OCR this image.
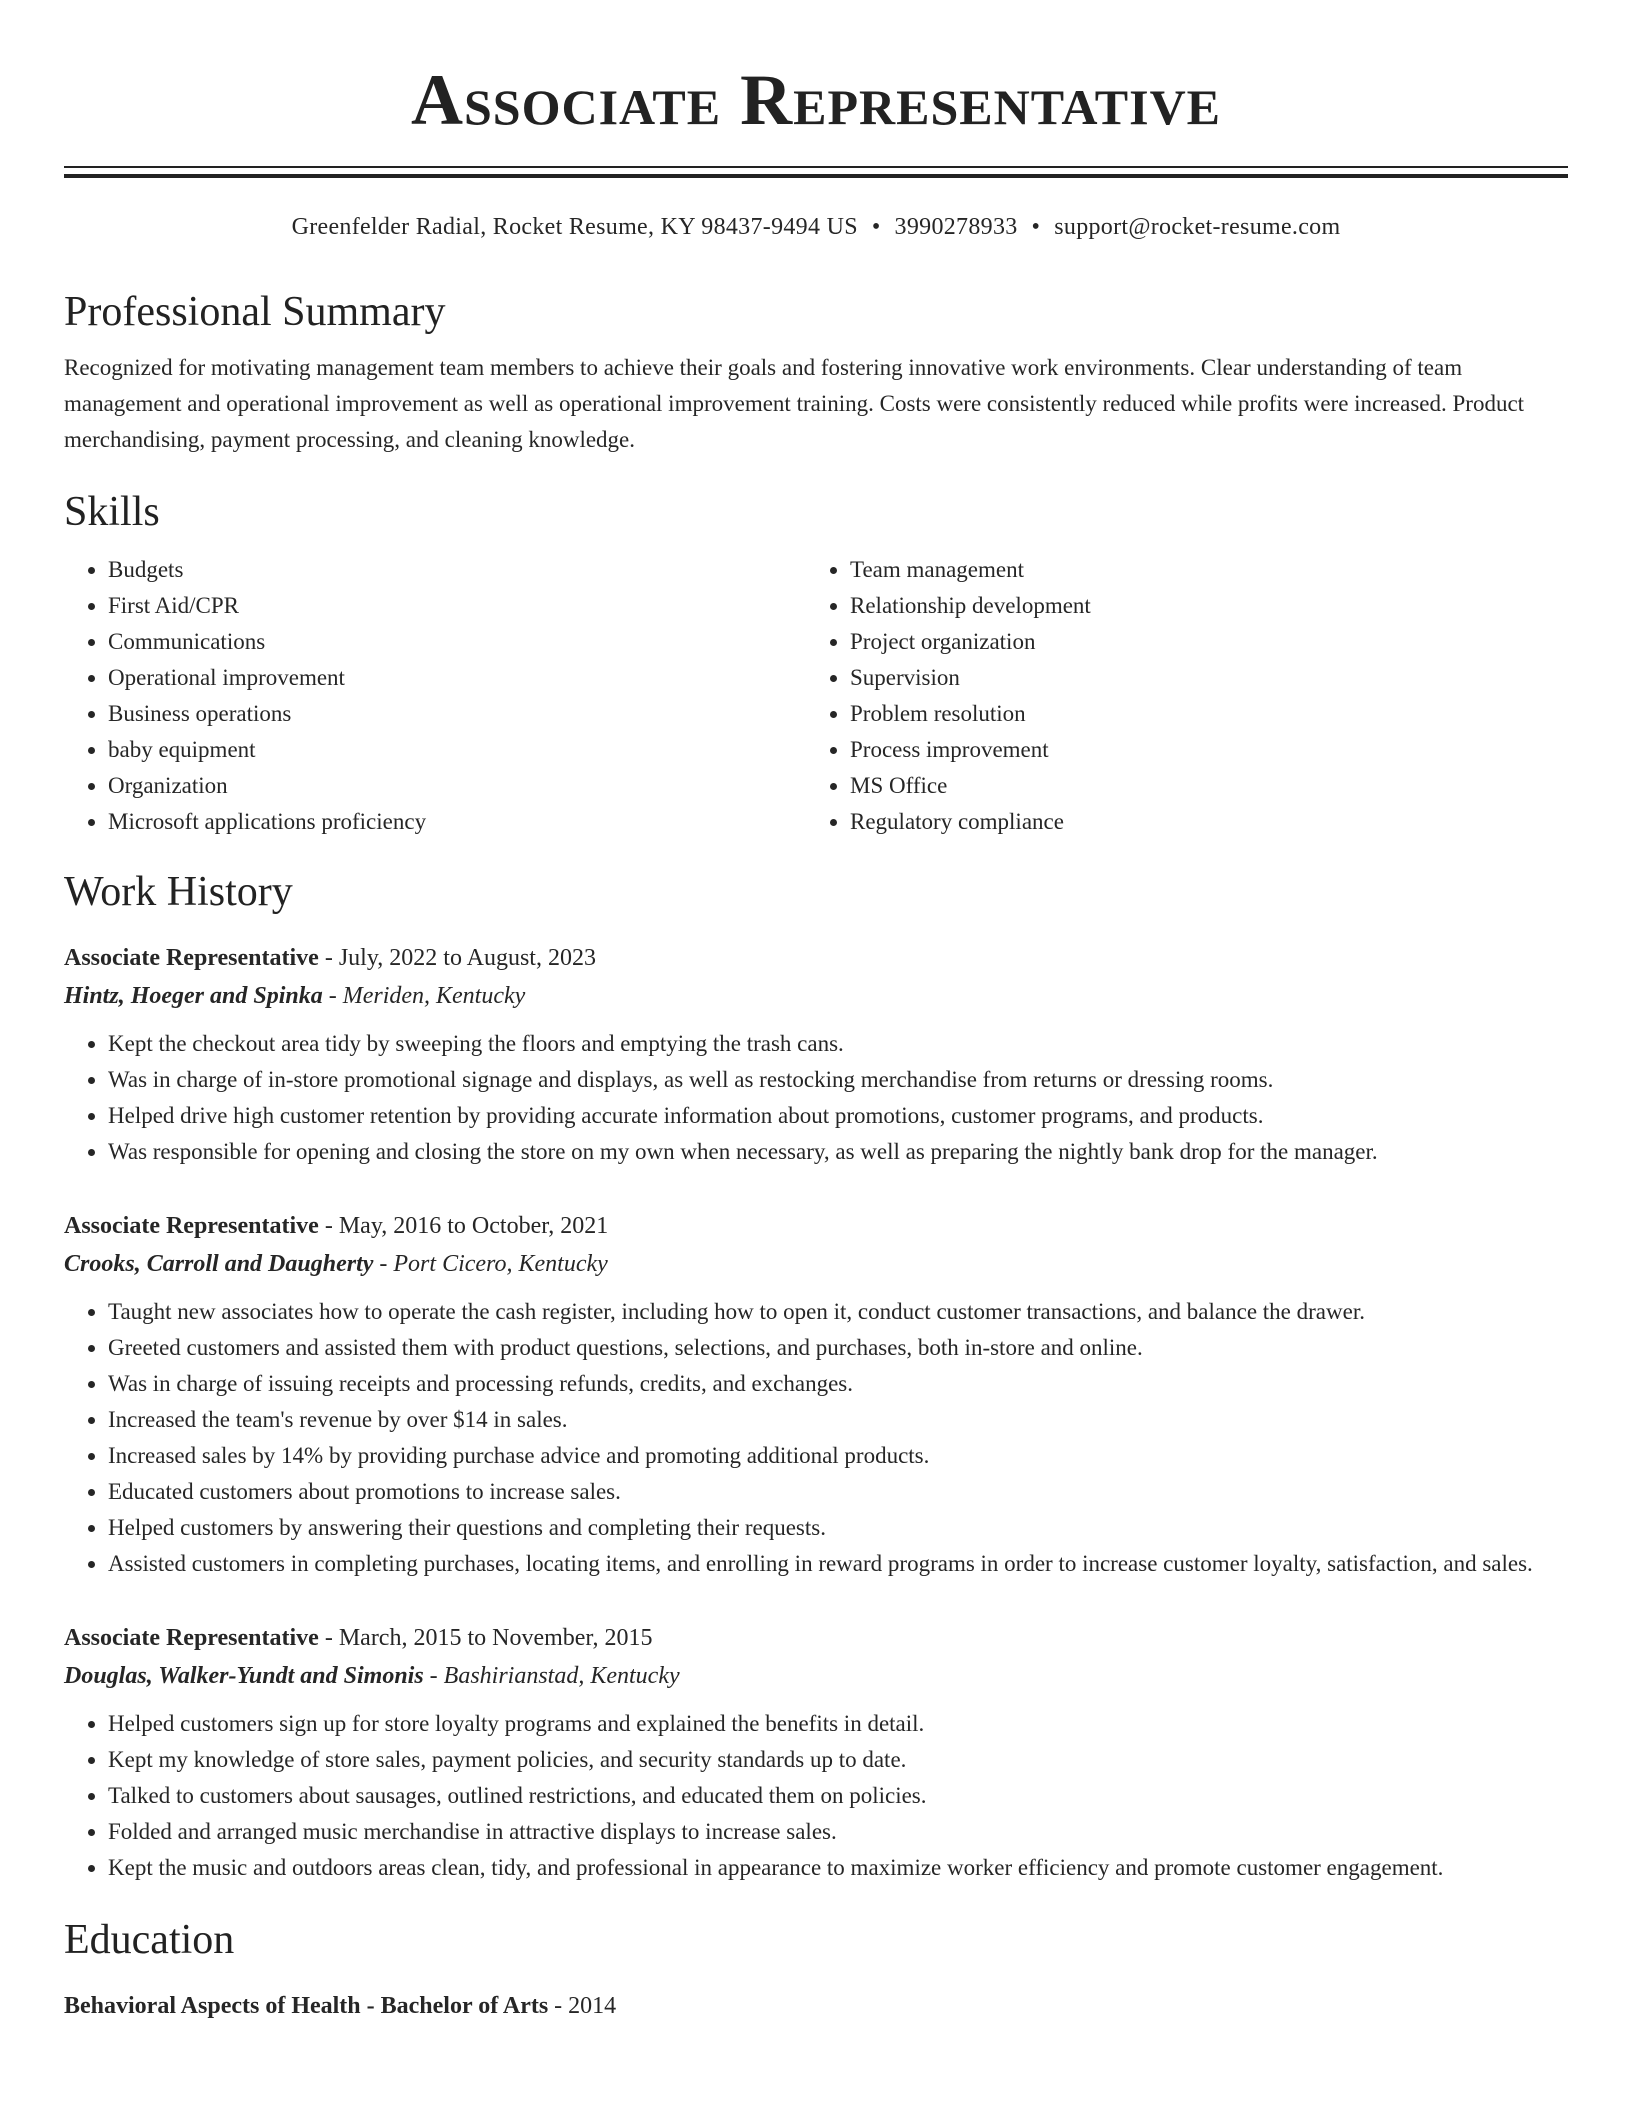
Associate Representative
Greenfelder Radial, Rocket Resume, KY 98437-9494 US • 3990278933 • support@rocket-resume.com
Professional Summary

Recognized for motivating management team members to achieve their goals and fostering innovative work environments. Clear understanding of team management and operational improvement as well as operational improvement training. Costs were consistently reduced while profits were increased. Product merchandising, payment processing, and cleaning knowledge.

Skills
• Budgets
• First Aid/CPR
• Communications
• Operational improvement
• Business operations
• baby equipment
• Organization
• Microsoft applications proficiency
• Team management
• Relationship development
• Project organization
• Supervision
• Problem resolution
• Process improvement
• MS Office
• Regulatory compliance
Work History
Associate Representative - July, 2022 to August, 2023
Hintz, Hoeger and Spinka - Meriden, Kentucky
• Kept the checkout area tidy by sweeping the floors and emptying the trash cans.
• Was in charge of in-store promotional signage and displays, as well as restocking merchandise from returns or dressing rooms.
• Helped drive high customer retention by providing accurate information about promotions, customer programs, and products.
• Was responsible for opening and closing the store on my own when necessary, as well as preparing the nightly bank drop for the manager.
Associate Representative - May, 2016 to October, 2021
Crooks, Carroll and Daugherty - Port Cicero, Kentucky
• Taught new associates how to operate the cash register, including how to open it, conduct customer transactions, and balance the drawer.
• Greeted customers and assisted them with product questions, selections, and purchases, both in-store and online.
• Was in charge of issuing receipts and processing refunds, credits, and exchanges.
• Increased the team's revenue by over $14 in sales.
• Increased sales by 14% by providing purchase advice and promoting additional products.
• Educated customers about promotions to increase sales.
• Helped customers by answering their questions and completing their requests.
• Assisted customers in completing purchases, locating items, and enrolling in reward programs in order to increase customer loyalty, satisfaction, and sales.
Associate Representative - March, 2015 to November, 2015
Douglas, Walker-Yundt and Simonis - Bashirianstad, Kentucky
• Helped customers sign up for store loyalty programs and explained the benefits in detail.
• Kept my knowledge of store sales, payment policies, and security standards up to date.
• Talked to customers about sausages, outlined restrictions, and educated them on policies.
• Folded and arranged music merchandise in attractive displays to increase sales.
• Kept the music and outdoors areas clean, tidy, and professional in appearance to maximize worker efficiency and promote customer engagement.
Education
Behavioral Aspects of Health - Bachelor of Arts - 2014
